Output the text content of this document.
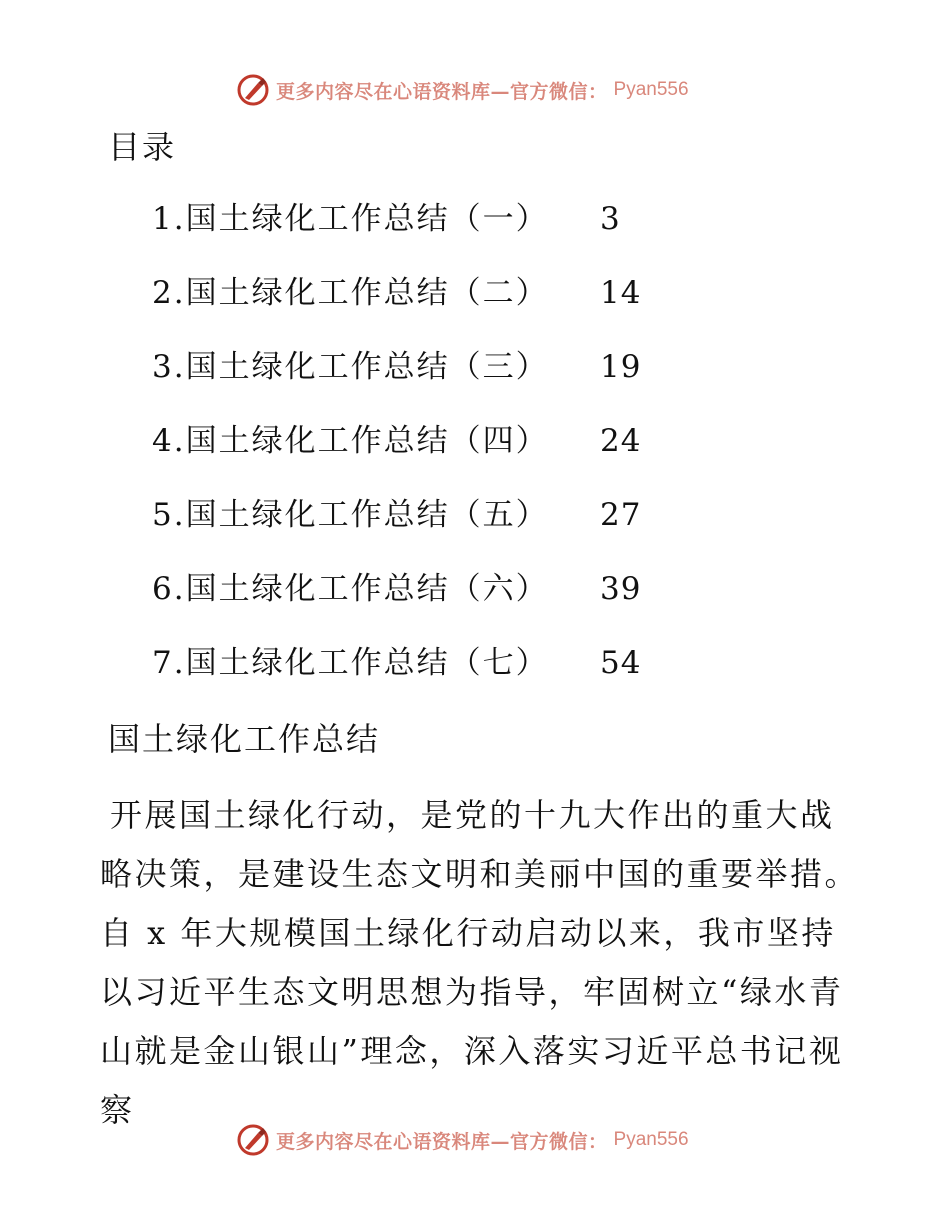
更多内容尽在心语资料库—官方微信： Pyan556
目录
1.国土绿化工作总结（一）	3
2.国土绿化工作总结（二）	14
3.国土绿化工作总结（三）	19
4.国土绿化工作总结（四）	24
5.国土绿化工作总结（五）	27
6.国土绿化工作总结（六）	39
7.国土绿化工作总结（七）	54
国土绿化工作总结

开展国土绿化行动，是党的十九大作出的重大战略决策，是建设生态文明和美丽中国的重要举措。自 x 年大规模国土绿化行动启动以来，我市坚持以习近平生态文明思想为指导，牢固树立“绿水青山就是金山银山”理念，深入落实习近平总书记视察

更多内容尽在心语资料库—官方微信： Pyan556
